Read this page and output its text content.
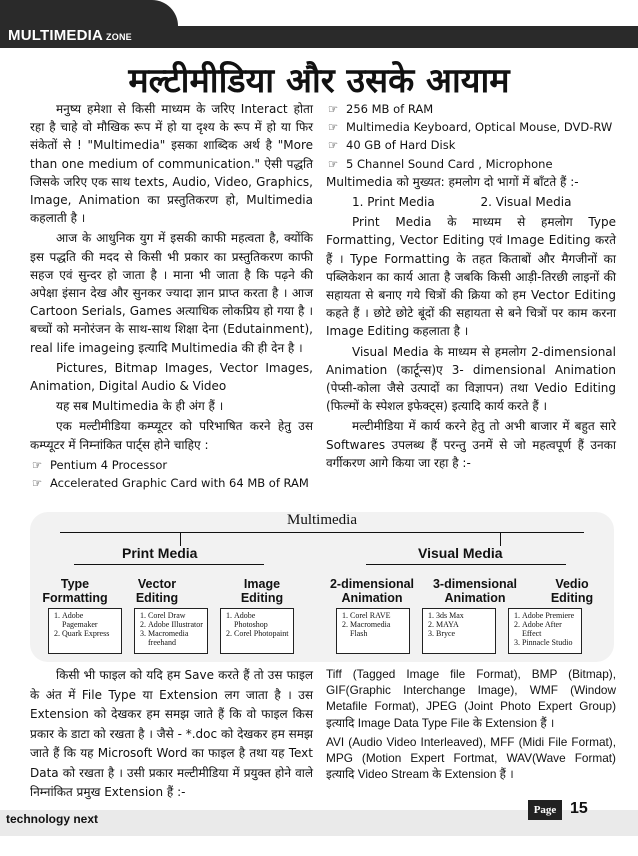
MULTIMEDIA ZONE
मल्टीमीडिया और उसके आयाम

मनुष्य हमेशा से किसी माध्यम के जरिए Interact होता रहा है चाहे वो मौखिक रूप में हो या दृश्य के रूप में हो या फिर संकेतों से ! "Multimedia" इसका शाब्दिक अर्थ है "More than one medium of communication." ऐसी पद्धति जिसके जरिए एक साथ texts, Audio, Video, Graphics, Image, Animation का प्रस्तुतिकरण हो, Multimedia कहलाती है ।

आज के आधुनिक युग में इसकी काफी महत्वता है, क्योंकि इस पद्धति की मदद से किसी भी प्रकार का प्रस्तुतिकरण काफी सहज एवं सुन्दर हो जाता है । माना भी जाता है कि पढ़ने की अपेक्षा इंसान देख और सुनकर ज्यादा ज्ञान प्राप्त करता है । आज Cartoon Serials, Games अत्याधिक लोकप्रिय हो गया है । बच्चों को मनोरंजन के साथ-साथ शिक्षा देना (Edutainment), real life imageing इत्यादि Multimedia की ही देन है ।

Pictures, Bitmap Images, Vector Images, Animation, Digital Audio & Video

यह सब Multimedia के ही अंग हैं ।

एक मल्टीमीडिया कम्प्यूटर को परिभाषित करने हेतु उस कम्प्यूटर में निम्नांकित पार्ट्स होने चाहिए :

☞ Pentium 4 Processor
☞ Accelerated Graphic Card with 64 MB of RAM
☞ 256 MB of RAM
☞ Multimedia Keyboard, Optical Mouse, DVD-RW
☞ 40 GB of Hard Disk
☞ 5 Channel Sound Card , Microphone

Multimedia को मुख्यत: हमलोग दो भागों में बाँटते हैं :-

1. Print Media            2. Visual Media

Print Media के माध्यम से हमलोग Type Formatting, Vector Editing एवं Image Editing करते हैं । Type Formatting के तहत किताबों और मैगजीनों का पब्लिकेशन का कार्य आता है जबकि किसी आड़ी-तिरछी लाइनों की सहायता से बनाए गये चित्रों की क्रिया को हम Vector Editing कहते हैं । छोटे छोटे बूंदों की सहायता से बने चित्रों पर काम करना Image Editing कहलाता है ।

Visual Media के माध्यम से हमलोग 2-dimensional Animation (कार्टून्स)ए 3- dimensional Animation (पेप्सी-कोला जैसे उत्पादों का विज्ञापन) तथा Vedio Editing (फिल्मों के स्पेशल इफेक्ट्स) इत्यादि कार्य करते हैं ।

मल्टीमीडिया में कार्य करने हेतु तो अभी बाजार में बहुत सारे Softwares उपलब्ध हैं परन्तु उनमें से जो महत्वपूर्ण हैं उनका वर्गीकरण आगे किया जा रहा है :-

Multimedia
Print Media	Visual Media
Type Formatting
Vector Editing
Image Editing
2-dimensional Animation
3-dimensional Animation
Vedio Editing
1. Adobe Pagemaker
2. Quark Express
1. Corel Draw
2. Adobe Illustrator
3. Macromedia freehand
1. Adobe Photoshop
2. Corel Photopaint
1. Corel RAVE
2. Macromedia Flash
1. 3ds Max
2. MAYA
3. Bryce
1. Adobe Premiere
2. Adobe After Effect
3. Pinnacle Studio
किसी भी फाइल को यदि हम Save करते हैं तो उस फाइल के अंत में File Type या Extension लग जाता है । उस Extension को देखकर हम समझ जाते हैं कि वो फाइल किस प्रकार के डाटा को रखता है । जैसे - *.doc को देखकर हम समझ जाते हैं कि यह Microsoft Word का फाइल है तथा यह Text Data को रखता है । उसी प्रकार मल्टीमीडिया में प्रयुक्त होने वाले निम्नांकित प्रमुख Extension हैं :-

Tiff (Tagged Image file Format), BMP (Bitmap), GIF(Graphic Interchange Image), WMF (Window Metafile Format), JPEG (Joint Photo Expert Group) इत्यादि Image Data Type File के Extension हैं ।

AVI (Audio Video Interleaved), MFF (Midi File Format), MPG (Motion Expert Fortmat, WAV(Wave Format) इत्यादि Video Stream के Extension हैं ।

technology next
Page 15
